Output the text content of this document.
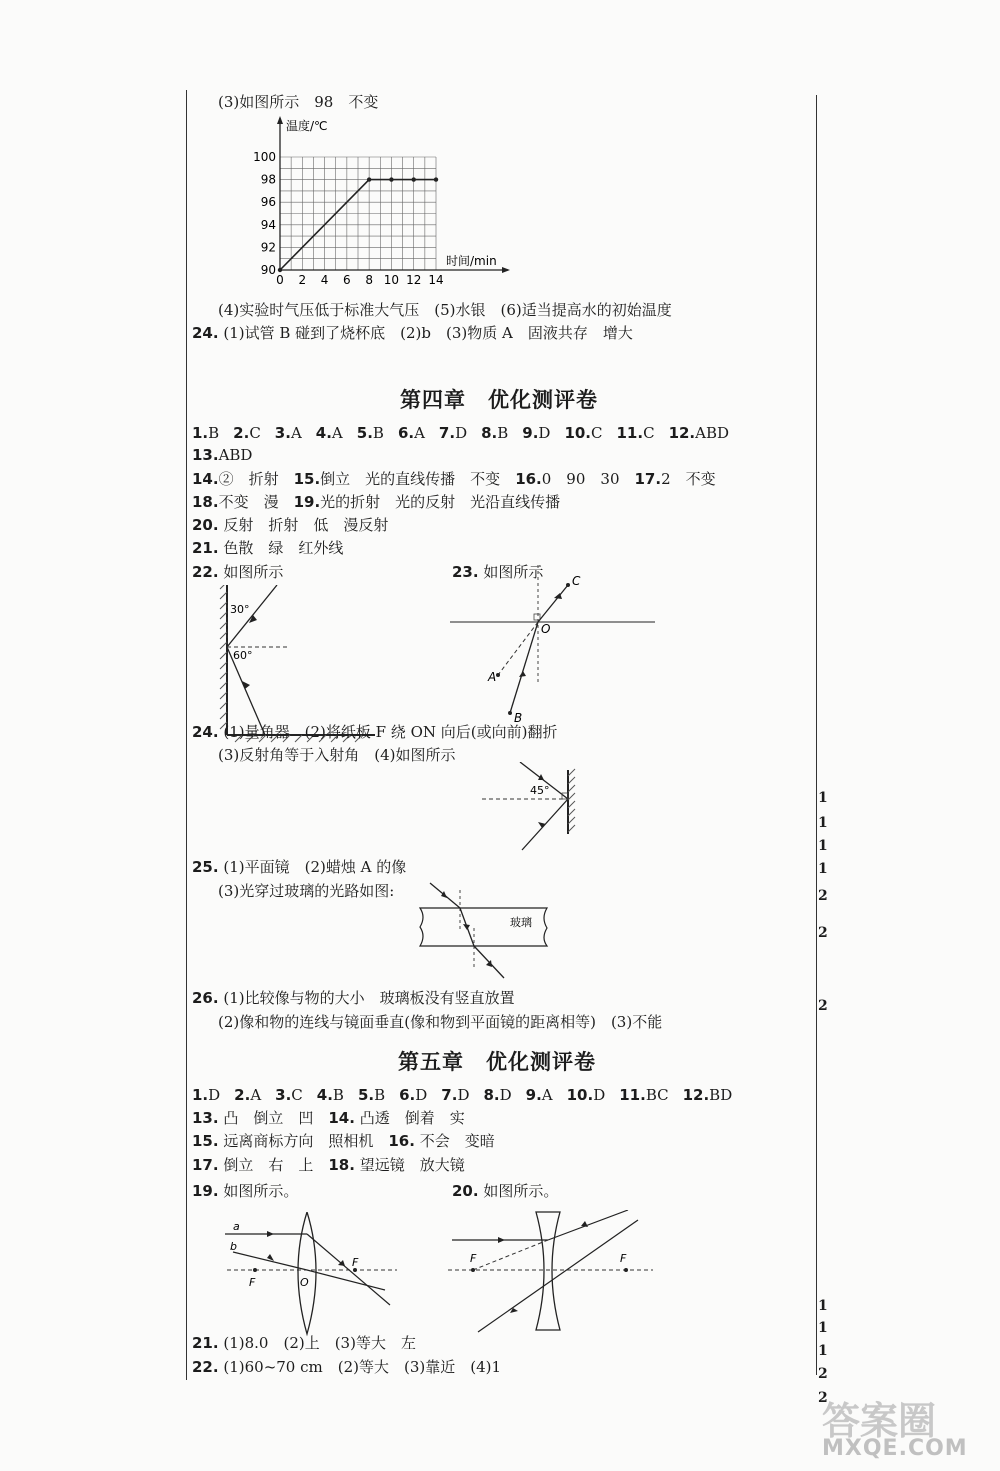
(3)如图所示　98　不变
90
92
94
96
98
100
0 2 4 6 8 10 12 14
温度/℃
时间/min
(4)实验时气压低于标准大气压　(5)水银　(6)适当提高水的初始温度
24. (1)试管 B 碰到了烧杯底　(2)b　(3)物质 A　固液共存　增大
第四章　优化测评卷
1.B 2.C 3.A 4.A 5.B 6.A 7.D 8.B 9.D 10.C 11.C 12.ABD
13.ABD
14.②　折射　15.倒立　光的直线传播　不变　16.0　90　30　17.2　不变
18.不变　漫　19.光的折射　光的反射　光沿直线传播
20. 反射　折射　低　漫反射
21. 色散　绿　红外线
22. 如图所示	23. 如图所示
30°
60°
C
O
A
B
24. (1)量角器　(2)将纸板 F 绕 ON 向后(或向前)翻折
(3)反射角等于入射角　(4)如图所示
45°
25. (1)平面镜　(2)蜡烛 A 的像
(3)光穿过玻璃的光路如图:
玻璃
26. (1)比较像与物的大小　玻璃板没有竖直放置
(2)像和物的连线与镜面垂直(像和物到平面镜的距离相等)　(3)不能
第五章　优化测评卷
1.D 2.A 3.C 4.B 5.B 6.D 7.D 8.D 9.A 10.D 11.BC 12.BD
13. 凸　倒立　凹　14. 凸透　倒着　实
15. 远离商标方向　照相机　16. 不会　变暗
17. 倒立　右　上　18. 望远镜　放大镜
19. 如图所示。	20. 如图所示。
a
b
F	O
F	F	F
21. (1)8.0　(2)上　(3)等大　左
22. (1)60~70 cm　(2)等大　(3)靠近　(4)1
1
1
1
1
2
2
2
1
1
1
2
2
答案圈
MXQE.COM
